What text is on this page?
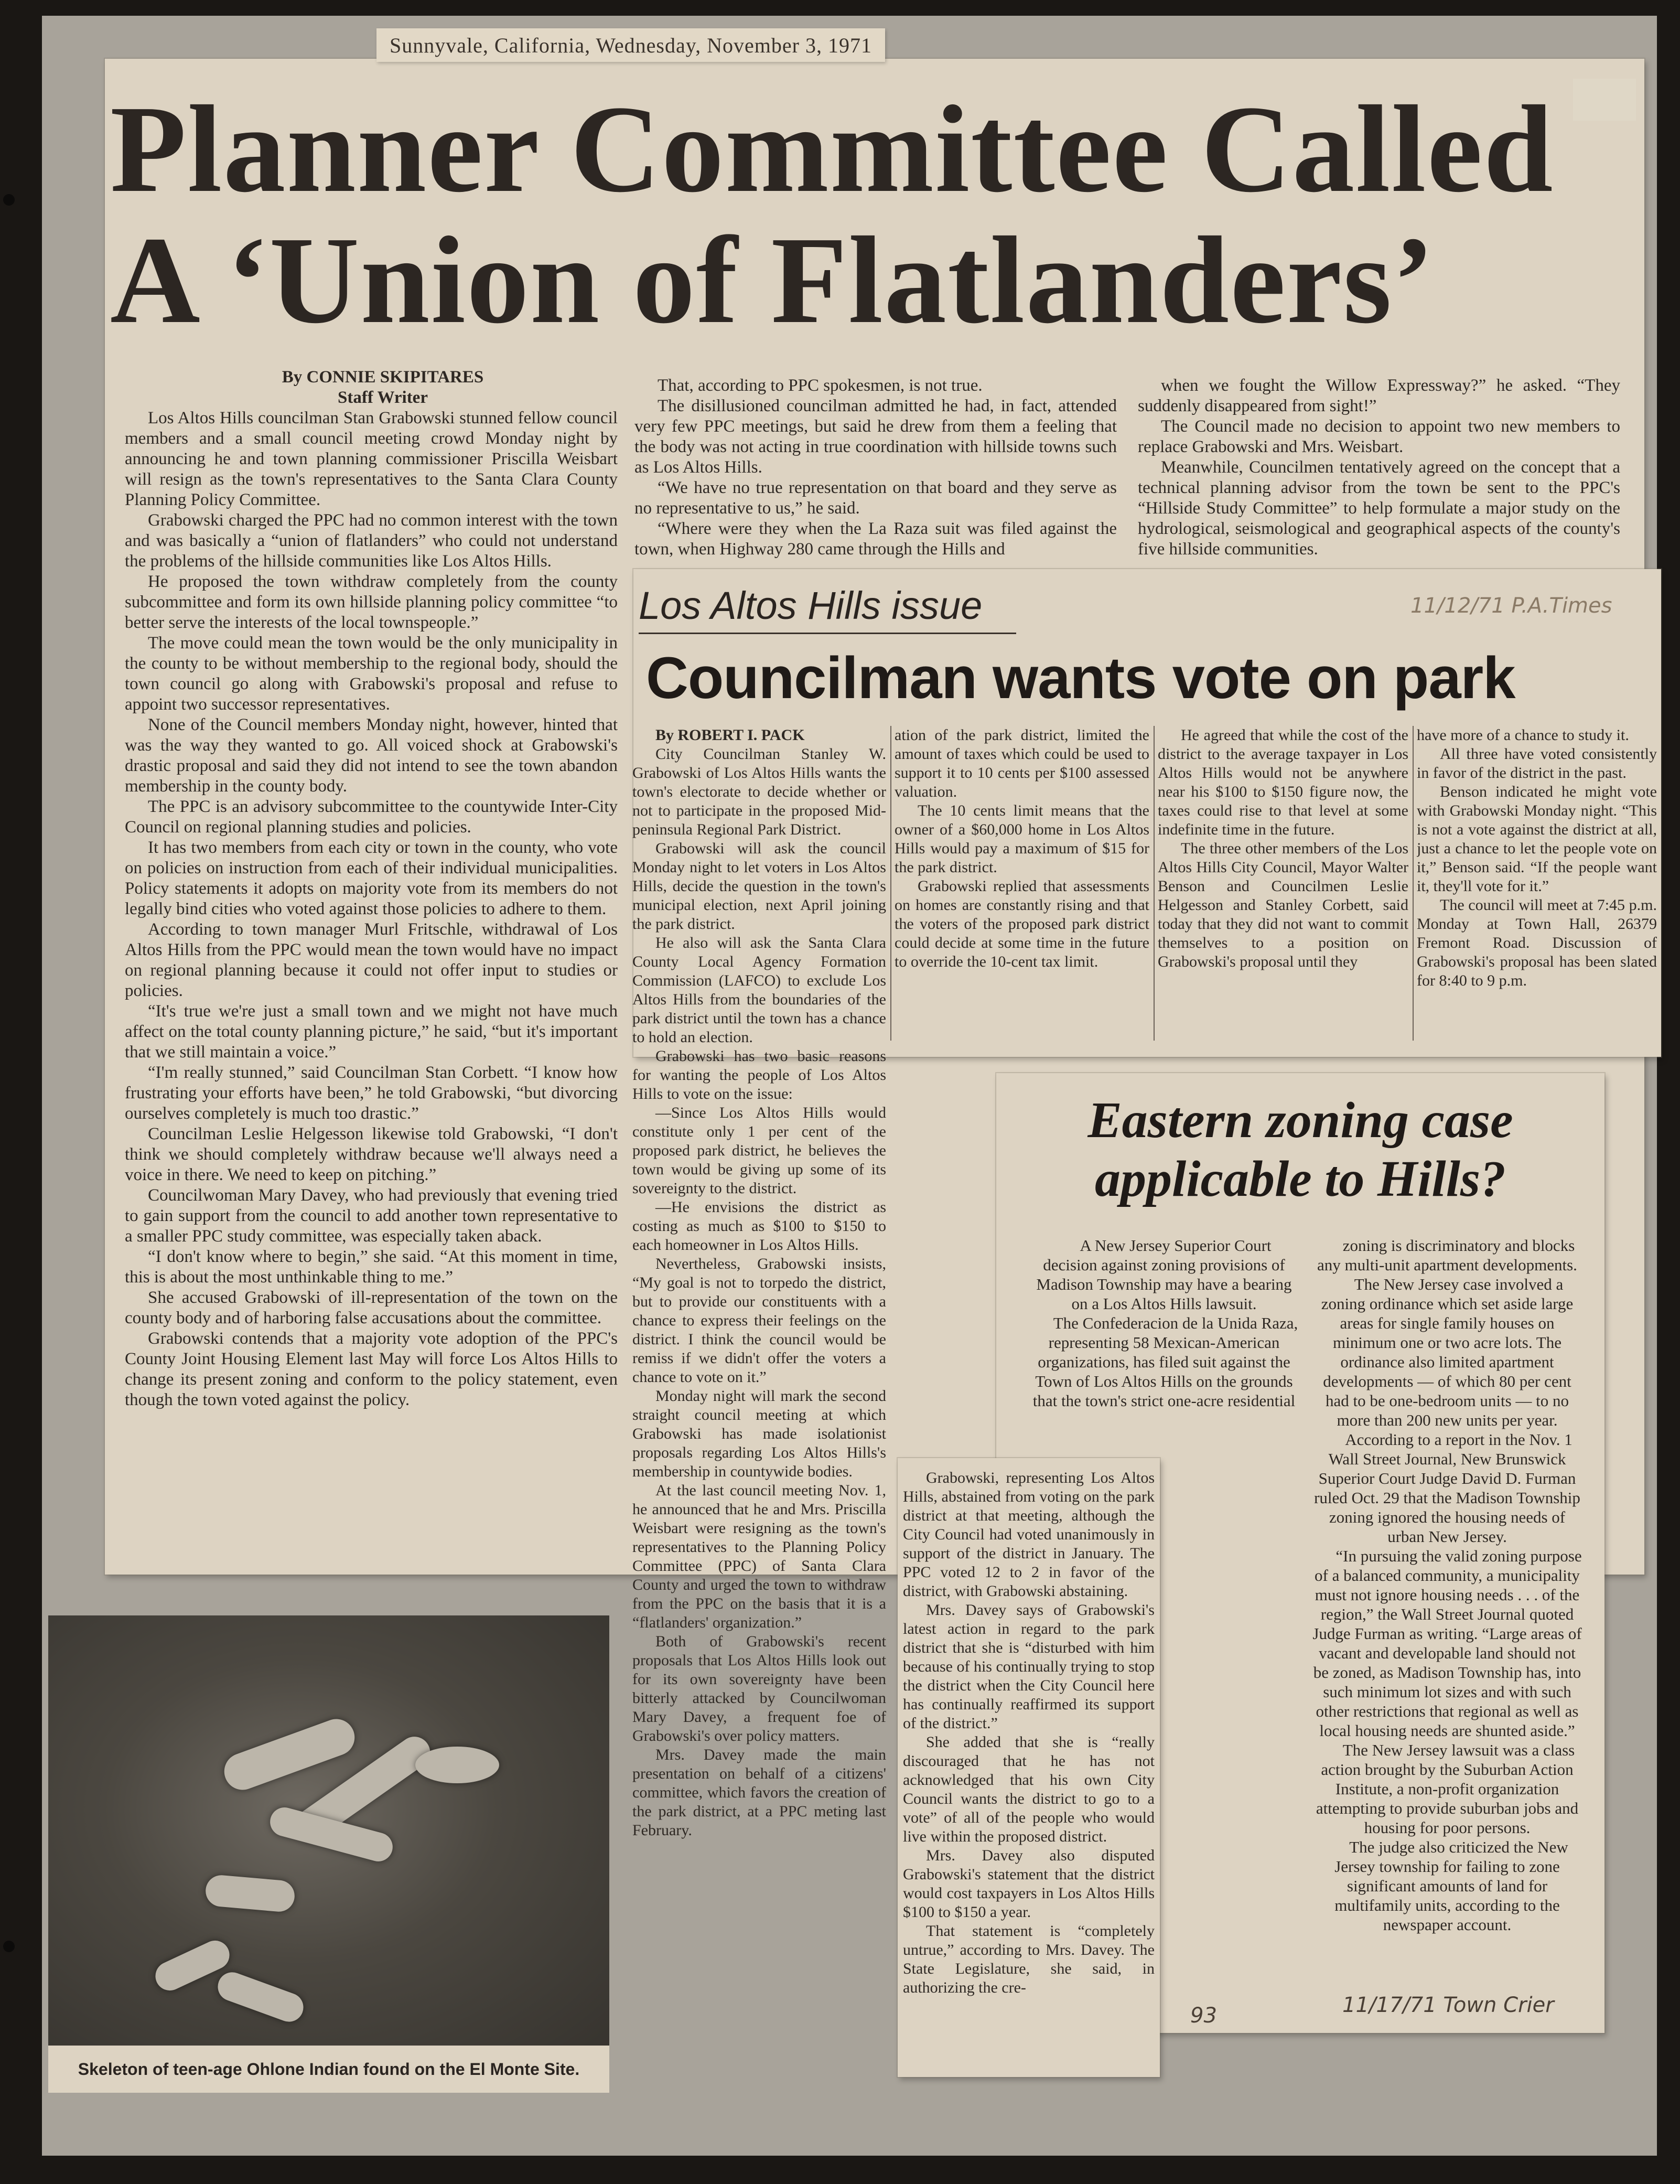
Sunnyvale, California, Wednesday, November 3, 1971
Planner Committee Called
A ‘Union of Flatlanders’

By CONNIE SKIPITARES

Staff Writer

Los Altos Hills councilman Stan Grabowski stunned fellow council members and a small council meeting crowd Monday night by announcing he and town planning commissioner Priscilla Weisbart will resign as the town's representatives to the Santa Clara County Planning Policy Committee.

Grabowski charged the PPC had no common interest with the town and was basically a “union of flatlanders” who could not understand the problems of the hillside communities like Los Altos Hills.

He proposed the town withdraw completely from the county subcommittee and form its own hillside planning policy committee “to better serve the interests of the local townspeople.”

The move could mean the town would be the only municipality in the county to be without membership to the regional body, should the town council go along with Grabowski's proposal and refuse to appoint two successor representatives.

None of the Council members Monday night, however, hinted that was the way they wanted to go. All voiced shock at Grabowski's drastic proposal and said they did not intend to see the town abandon membership in the county body.

The PPC is an advisory subcommittee to the countywide Inter-City Council on regional planning studies and policies.

It has two members from each city or town in the county, who vote on policies on instruction from each of their individual municipalities. Policy statements it adopts on majority vote from its members do not legally bind cities who voted against those policies to adhere to them.

According to town manager Murl Fritschle, withdrawal of Los Altos Hills from the PPC would mean the town would have no impact on regional planning because it could not offer input to studies or policies.

“It's true we're just a small town and we might not have much affect on the total county planning picture,” he said, “but it's important that we still maintain a voice.”

“I'm really stunned,” said Councilman Stan Corbett. “I know how frustrating your efforts have been,” he told Grabowski, “but divorcing ourselves completely is much too drastic.”

Councilman Leslie Helgesson likewise told Grabowski, “I don't think we should completely withdraw because we'll always need a voice in there. We need to keep on pitching.”

Councilwoman Mary Davey, who had previously that evening tried to gain support from the council to add another town representative to a smaller PPC study committee, was especially taken aback.

“I don't know where to begin,” she said. “At this moment in time, this is about the most unthinkable thing to me.”

She accused Grabowski of ill-representation of the town on the county body and of harboring false accusations about the committee.

Grabowski contends that a majority vote adoption of the PPC's County Joint Housing Element last May will force Los Altos Hills to change its present zoning and conform to the policy statement, even though the town voted against the policy.

That, according to PPC spokesmen, is not true.

The disillusioned councilman admitted he had, in fact, attended very few PPC meetings, but said he drew from them a feeling that the body was not acting in true coordination with hillside towns such as Los Altos Hills.

“We have no true representation on that board and they serve as no representative to us,” he said.

“Where were they when the La Raza suit was filed against the town, when Highway 280 came through the Hills and

when we fought the Willow Expressway?” he asked. “They suddenly disappeared from sight!”

The Council made no decision to appoint two new members to replace Grabowski and Mrs. Weisbart.

Meanwhile, Councilmen tentatively agreed on the concept that a technical planning advisor from the town be sent to the PPC's “Hillside Study Committee” to help formulate a major study on the hydrological, seismological and geographical aspects of the county's five hillside communities.

Los Altos Hills issue	11/12/71 P.A.Times
Councilman wants vote on park

By ROBERT I. PACK

City Councilman Stanley W. Grabowski of Los Altos Hills wants the town's electorate to decide whether or not to participate in the proposed Mid-peninsula Regional Park District.

Grabowski will ask the council Monday night to let voters in Los Altos Hills, decide the question in the town's municipal election, next April joining the park district.

He also will ask the Santa Clara County Local Agency Formation Commission (LAFCO) to exclude Los Altos Hills from the boundaries of the park district until the town has a chance to hold an election.

Grabowski has two basic reasons for wanting the people of Los Altos Hills to vote on the issue:

—Since Los Altos Hills would constitute only 1 per cent of the proposed park district, he believes the town would be giving up some of its sovereignty to the district.

—He envisions the district as costing as much as $100 to $150 to each homeowner in Los Altos Hills.

Nevertheless, Grabowski insists, “My goal is not to torpedo the district, but to provide our constituents with a chance to express their feelings on the district. I think the council would be remiss if we didn't offer the voters a chance to vote on it.”

Monday night will mark the second straight council meeting at which Grabowski has made isolationist proposals regarding Los Altos Hills's membership in countywide bodies.

At the last council meeting Nov. 1, he announced that he and Mrs. Priscilla Weisbart were resigning as the town's representatives to the Planning Policy Committee (PPC) of Santa Clara County and urged the town to withdraw from the PPC on the basis that it is a “flatlanders' organization.”

Both of Grabowski's recent proposals that Los Altos Hills look out for its own sovereignty have been bitterly attacked by Councilwoman Mary Davey, a frequent foe of Grabowski's over policy matters.

Mrs. Davey made the main presentation on behalf of a citizens' committee, which favors the creation of the park district, at a PPC meting last February.

ation of the park district, limited the amount of taxes which could be used to support it to 10 cents per $100 assessed valuation.

The 10 cents limit means that the owner of a $60,000 home in Los Altos Hills would pay a maximum of $15 for the park district.

Grabowski replied that assessments on homes are constantly rising and that the voters of the proposed park district could decide at some time in the future to override the 10-cent tax limit.

He agreed that while the cost of the district to the average taxpayer in Los Altos Hills would not be anywhere near his $100 to $150 figure now, the taxes could rise to that level at some indefinite time in the future.

The three other members of the Los Altos Hills City Council, Mayor Walter Benson and Councilmen Leslie Helgesson and Stanley Corbett, said today that they did not want to commit themselves to a position on Grabowski's proposal until they

have more of a chance to study it.

All three have voted consistently in favor of the district in the past.

Benson indicated he might vote with Grabowski Monday night. “This is not a vote against the district at all, just a chance to let the people vote on it,” Benson said. “If the people want it, they'll vote for it.”

The council will meet at 7:45 p.m. Monday at Town Hall, 26379 Fremont Road. Discussion of Grabowski's proposal has been slated for 8:40 to 9 p.m.

Eastern zoning case
applicable to Hills?

A New Jersey Superior Court decision against zoning provisions of Madison Township may have a bearing on a Los Altos Hills lawsuit.

The Confederacion de la Unida Raza, representing 58 Mexican-American organizations, has filed suit against the Town of Los Altos Hills on the grounds that the town's strict one-acre residential

zoning is discriminatory and blocks any multi-unit apartment developments.

The New Jersey case involved a zoning ordinance which set aside large areas for single family houses on minimum one or two acre lots. The ordinance also limited apartment developments — of which 80 per cent had to be one-bedroom units — to no more than 200 new units per year.

According to a report in the Nov. 1 Wall Street Journal, New Brunswick Superior Court Judge David D. Furman ruled Oct. 29 that the Madison Township zoning ignored the housing needs of urban New Jersey.

“In pursuing the valid zoning purpose of a balanced community, a municipality must not ignore housing needs . . . of the region,” the Wall Street Journal quoted Judge Furman as writing. “Large areas of vacant and developable land should not be zoned, as Madison Township has, into such minimum lot sizes and with such other restrictions that regional as well as local housing needs are shunted aside.”

The New Jersey lawsuit was a class action brought by the Suburban Action Institute, a non-profit organization attempting to provide suburban jobs and housing for poor persons.

The judge also criticized the New Jersey township for failing to zone significant amounts of land for multifamily units, according to the newspaper account.

11/17/71 Town Crier
93

Grabowski, representing Los Altos Hills, abstained from voting on the park district at that meeting, although the City Council had voted unanimously in support of the district in January. The PPC voted 12 to 2 in favor of the district, with Grabowski abstaining.

Mrs. Davey says of Grabowski's latest action in regard to the park district that she is “disturbed with him because of his continually trying to stop the district when the City Council here has continually reaffirmed its support of the district.”

She added that she is “really discouraged that he has not acknowledged that his own City Council wants the district to go to a vote” of all of the people who would live within the proposed district.

Mrs. Davey also disputed Grabowski's statement that the district would cost taxpayers in Los Altos Hills $100 to $150 a year.

That statement is “completely untrue,” according to Mrs. Davey. The State Legislature, she said, in authorizing the cre-

Skeleton of teen-age Ohlone Indian found on the El Monte Site.
